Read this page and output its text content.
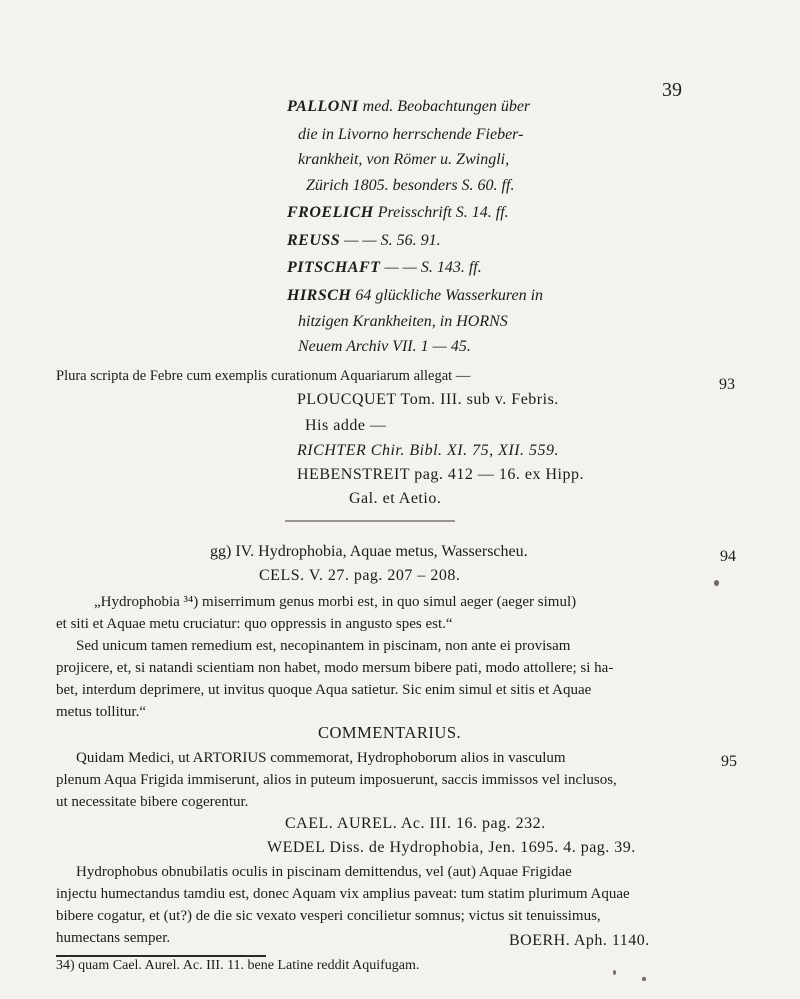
39
PALLONI med. Beobachtungen über
die in Livorno herrschende Fieber-
krankheit, von Römer u. Zwingli,
Zürich 1805. besonders S. 60. ff.
FROELICH Preisschrift S. 14. ff.
REUSS — — S. 56. 91.
PITSCHAFT — — S. 143. ff.
HIRSCH 64 glückliche Wasserkuren in
hitzigen Krankheiten, in HORNS
Neuem Archiv VII. 1 — 45.
Plura scripta de Febre cum exemplis curationum Aquariarum allegat —	93
PLOUCQUET Tom. III. sub v. Febris.
His adde —
RICHTER Chir. Bibl. XI. 75, XII. 559.
HEBENSTREIT pag. 412 — 16. ex Hipp.
Gal. et Aetio.
gg) IV. Hydrophobia, Aquae metus, Wasserscheu.	94
CELS. V. 27. pag. 207 – 208.
„Hydrophobia ³⁴) miserrimum genus morbi est, in quo simul aeger (aeger simul)
et siti et Aquae metu cruciatur: quo oppressis in angusto spes est.“
Sed unicum tamen remedium est, necopinantem in piscinam, non ante ei provisam
projicere, et, si natandi scientiam non habet, modo mersum bibere pati, modo attollere; si ha-
bet, interdum deprimere, ut invitus quoque Aqua satietur. Sic enim simul et sitis et Aquae
metus tollitur.“
COMMENTARIUS.
Quidam Medici, ut ARTORIUS commemorat, Hydrophoborum alios in vasculum	95
plenum Aqua Frigida immiserunt, alios in puteum imposuerunt, saccis immissos vel inclusos,
ut necessitate bibere cogerentur.
CAEL. AUREL. Ac. III. 16. pag. 232.
WEDEL Diss. de Hydrophobia, Jen. 1695. 4. pag. 39.
Hydrophobus obnubilatis oculis in piscinam demittendus, vel (aut) Aquae Frigidae
injectu humectandus tamdiu est, donec Aquam vix amplius paveat: tum statim plurimum Aquae
bibere cogatur, et (ut?) de die sic vexato vesperi concilietur somnus; victus sit tenuissimus,
humectans semper.	BOERH. Aph. 1140.
34) quam Cael. Aurel. Ac. III. 11. bene Latine reddit Aquifugam.
